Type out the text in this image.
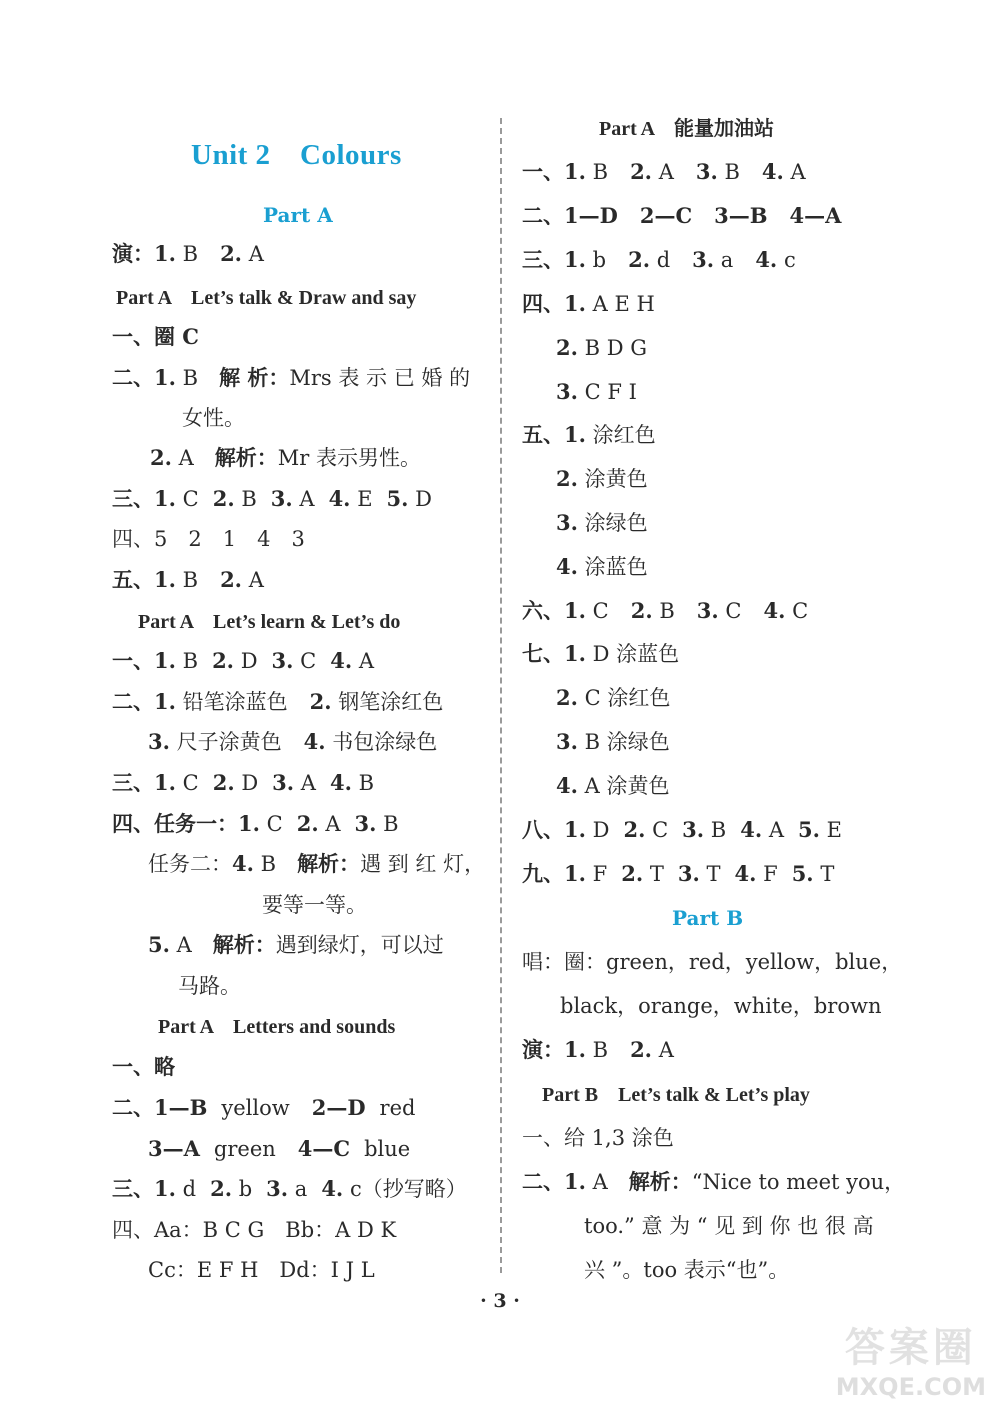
Unit 2　Colours
Part A
演：1. B 2. A
Part A　Let’s talk & Draw and say
一、圈 C
二、1. B　解 析：Mrs 表 示 已 婚 的
女性。
2. A　解析：Mr 表示男性。
三、1. C 2. B 3. A 4. E 5. D
四、5　2　1　4　3
五、1. B 2. A
Part A　Let’s learn & Let’s do
一、1. B 2. D 3. C 4. A
二、1. 铅笔涂蓝色 2. 钢笔涂红色
3. 尺子涂黄色 4. 书包涂绿色
三、1. C 2. D 3. A 4. B
四、任务一：1. C 2. A 3. B
任务二：4. B　解析：遇 到 红 灯，
要等一等。
5. A　解析：遇到绿灯，可以过
马路。
Part A　Letters and sounds
一、略
二、1—B yellow 2—D red
3—A green 4—C blue
三、1. d 2. b 3. a 4. c（抄写略）
四、Aa：B C G　Bb：A D K
Cc：E F H　Dd：I J L
Part A　能量加油站
一、1. B 2. A 3. B 4. A
二、1—D 2—C 3—B 4—A
三、1. b 2. d 3. a 4. c
四、1. A E H
2. B D G
3. C F I
五、1. 涂红色
2. 涂黄色
3. 涂绿色
4. 涂蓝色
六、1. C 2. B 3. C 4. C
七、1. D 涂蓝色
2. C 涂红色
3. B 涂绿色
4. A 涂黄色
八、1. D 2. C 3. B 4. A 5. E
九、1. F 2. T 3. T 4. F 5. T
Part B
唱：圈：green，red，yellow，blue，
black，orange，white，brown
演：1. B 2. A
Part B　Let’s talk & Let’s play
一、给 1,3 涂色
二、1. A　解析：“Nice to meet you，
too.” 意 为 “ 见 到 你 也 很 高
兴 ”。too 表示“也”。
· 3 ·
答案圈
MXQE.COM
